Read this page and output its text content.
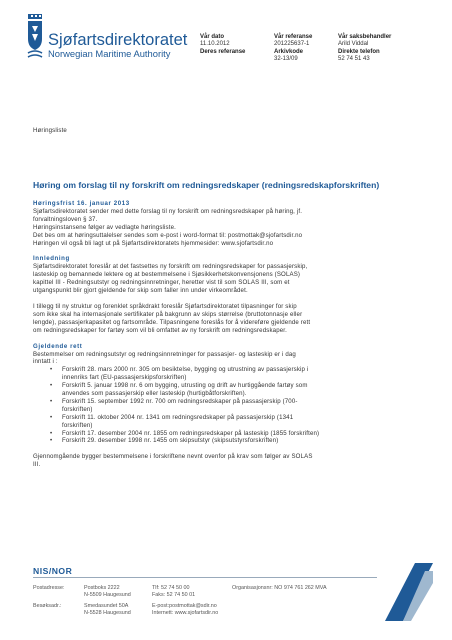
Sjøfartsdirektoratet
Norwegian Maritime Authority
Vår dato
11.10.2012
Deres referanse
Vår referanse
201225637-1
Arkivkode
32-13/09
Vår saksbehandler
Arild Viddal
Direkte telefon
52 74 51 43
Høringsliste
Høring om forslag til ny forskrift om redningsredskaper (redningsredskapforskriften)

Høringsfrist 16. januar 2013

Sjøfartsdirektoratet sender med dette forslag til ny forskrift om redningsredskaper på høring, jf.

forvaltningsloven § 37.

Høringsinstansene følger av vedlagte høringsliste.

Det bes om at høringsuttalelser sendes som e-post i word-format til: postmottak@sjofartsdir.no

Høringen vil også bli lagt ut på Sjøfartsdirektoratets hjemmesider: www.sjofartsdir.no

Innledning

Sjøfartsdirektoratet foreslår at det fastsettes ny forskrift om redningsredskaper for passasjerskip,

lasteskip og bemannede lektere og at bestemmelsene i Sjøsikkerhetskonvensjonens (SOLAS)

kapittel III - Redningsutstyr og redningsinnretninger, heretter vist til som SOLAS III, som et

utgangspunkt blir gjort gjeldende for skip som faller inn under virkeområdet.

I tillegg til ny struktur og forenklet språkdrakt foreslår Sjøfartsdirektoratet tilpasninger for skip

som ikke skal ha internasjonale sertifikater på bakgrunn av skips størrelse (bruttotonnasje eller

lengde), passasjerkapasitet og fartsområde. Tilpasningene foreslås for å videreføre gjeldende rett

om redningsredskaper for fartøy som vil bli omfattet av ny forskrift om redningsredskaper.

Gjeldende rett

Bestemmelser om redningsutstyr og redningsinnretninger for passasjer- og lasteskip er i dag

inntatt i :

• Forskrift 28. mars 2000 nr. 305 om besiktelse, bygging og utrustning av passasjerskip i
innenriks fart (EU-passasjerskipsforskriften)
• Forskrift 5. januar 1998 nr. 6 om bygging, utrusting og drift av hurtiggående fartøy som
anvendes som passasjerskip eller lasteskip (hurtigbåtforskriften).
• Forskrift 15. september 1992 nr. 700 om redningsredskaper på passasjerskip (700-
forskriften)
• Forskrift 11. oktober 2004 nr. 1341 om redningsredskaper på passasjerskip (1341
forskriften)
• Forskrift 17. desember 2004 nr. 1855 om redningsredskaper på lasteskip (1855 forskriften)
• Forskrift 29. desember 1998 nr. 1455 om skipsutstyr (skipsutstyrsforskriften)

Gjennomgående bygger bestemmelsene i forskriftene nevnt ovenfor på krav som følger av SOLAS

III.

NIS/NOR
Postadresse:

Besøksadr.:
Postboks 2222
N-5509 Haugesund
Smedasundet 50A
N-5528 Haugesund
Tlf: 52 74 50 00
Faks: 52 74 50 01
E-post:postmottak@sdir.no
Internett: www.sjofartsdir.no
Organisasjonsnr: NO 974 761 262 MVA
